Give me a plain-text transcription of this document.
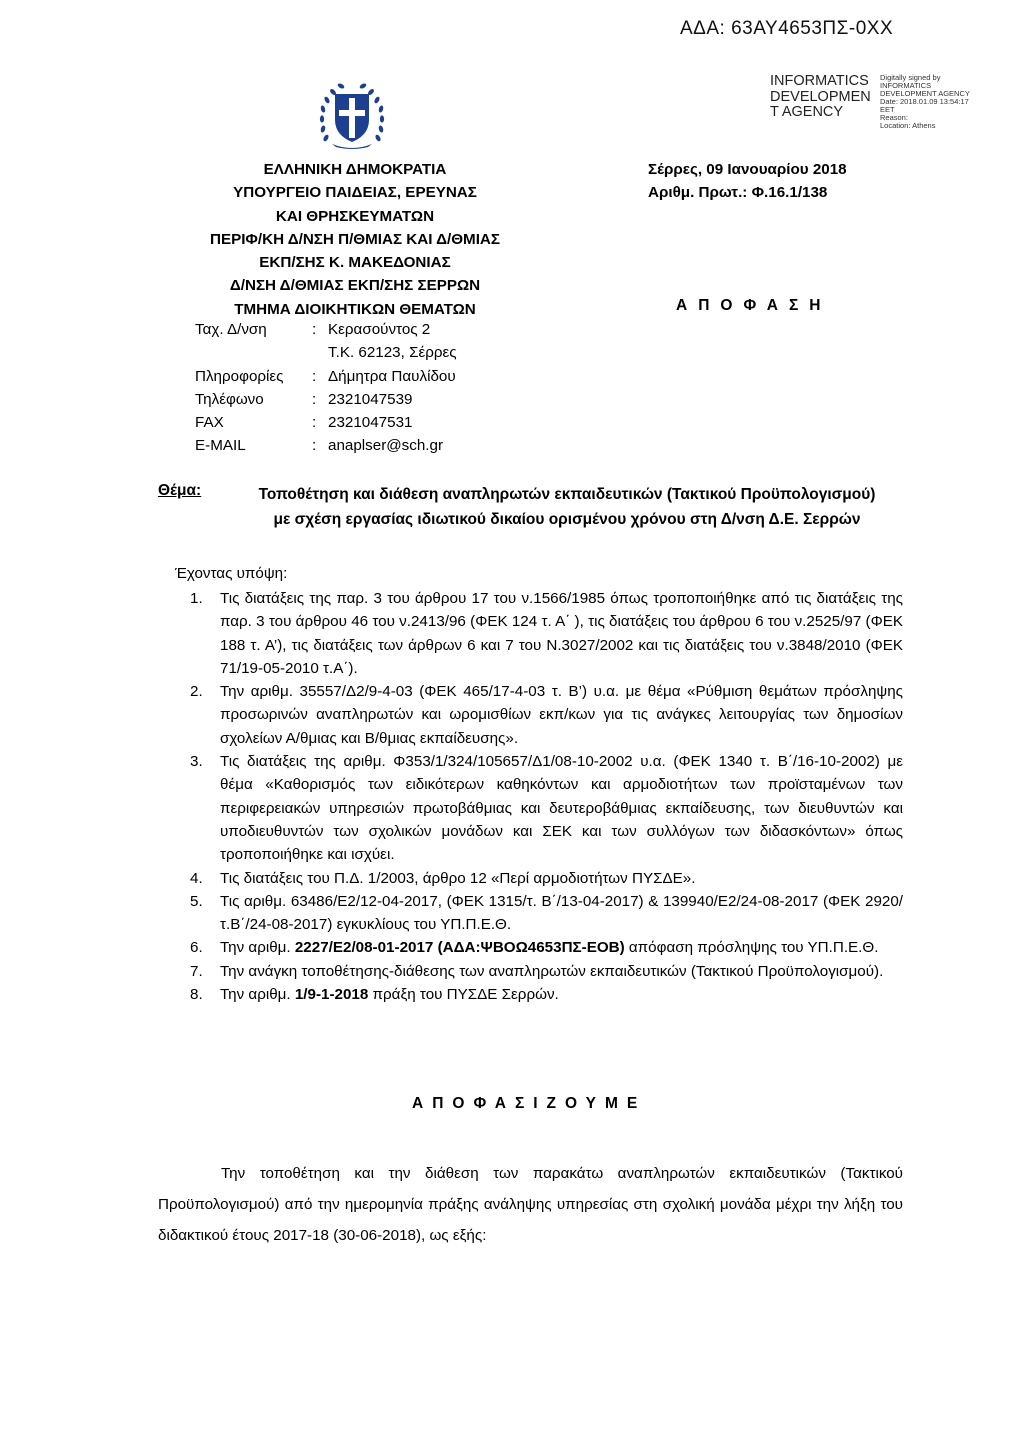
ΑΔΑ: 63ΑΥ4653ΠΣ-0ΧΧ
INFORMATICS
DEVELOPMEN
T AGENCY
Digitally signed by
INFORMATICS
DEVELOPMENT AGENCY
Date: 2018.01.09 13:54:17
EET
Reason:
Location: Athens
ΕΛΛΗΝΙΚΗ ΔΗΜΟΚΡΑΤΙΑ
ΥΠΟΥΡΓΕΙΟ ΠΑΙΔΕΙΑΣ, ΕΡΕΥΝΑΣ
ΚΑΙ ΘΡΗΣΚΕΥΜΑΤΩΝ
ΠΕΡΙΦ/ΚΗ Δ/ΝΣΗ Π/ΘΜΙΑΣ ΚΑΙ Δ/ΘΜΙΑΣ
ΕΚΠ/ΣΗΣ Κ. ΜΑΚΕΔΟΝΙΑΣ
Δ/ΝΣΗ Δ/ΘΜΙΑΣ ΕΚΠ/ΣΗΣ ΣΕΡΡΩΝ
ΤΜΗΜΑ ΔΙΟΙΚΗΤΙΚΩΝ ΘΕΜΑΤΩΝ
Σέρρες, 09 Ιανουαρίου 2018
Αριθμ. Πρωτ.: Φ.16.1/138
ΑΠΟΦΑΣΗ
Ταχ. Δ/νση	: Κερασούντος 2
Τ.Κ. 62123, Σέρρες
Πληροφορίες : Δήμητρα Παυλίδου
Τηλέφωνο	: 2321047539
FAX	: 2321047531
E-MAIL	: anaplser@sch.gr
Θέμα:	Τοποθέτηση και διάθεση αναπληρωτών εκπαιδευτικών (Τακτικού Προϋπολογισμού)
με σχέση εργασίας ιδιωτικού δικαίου ορισμένου χρόνου στη Δ/νση Δ.Ε. Σερρών
Έχοντας υπόψη:
1. Τις διατάξεις της παρ. 3 του άρθρου 17 του ν.1566/1985 όπως τροποποιήθηκε από τις διατάξεις της παρ. 3 του άρθρου 46 του ν.2413/96 (ΦΕΚ 124 τ. Α΄ ), τις διατάξεις του άρθρου 6 του ν.2525/97 (ΦΕΚ 188 τ. Α’), τις διατάξεις των άρθρων 6 και 7 του Ν.3027/2002 και τις διατάξεις του ν.3848/2010 (ΦΕΚ 71/19-05-2010 τ.Α΄).
2. Την αριθμ. 35557/Δ2/9-4-03 (ΦΕΚ 465/17-4-03 τ. Β’) υ.α. με θέμα «Ρύθμιση θεμάτων πρόσληψης προσωρινών αναπληρωτών και ωρομισθίων εκπ/κων για τις ανάγκες λειτουργίας των δημοσίων σχολείων Α/θμιας και Β/θμιας εκπαίδευσης».
3. Τις διατάξεις της αριθμ. Φ353/1/324/105657/Δ1/08-10-2002 υ.α. (ΦΕΚ 1340 τ. Β΄/16-10-2002) με θέμα «Καθορισμός των ειδικότερων καθηκόντων και αρμοδιοτήτων των προϊσταμένων των περιφερειακών υπηρεσιών πρωτοβάθμιας και δευτεροβάθμιας εκπαίδευσης, των διευθυντών και υποδιευθυντών των σχολικών μονάδων και ΣΕΚ και των συλλόγων των διδασκόντων» όπως τροποποιήθηκε και ισχύει.
4. Τις διατάξεις του Π.Δ. 1/2003, άρθρο 12 «Περί αρμοδιοτήτων ΠΥΣΔΕ».
5. Τις αριθμ. 63486/Ε2/12-04-2017, (ΦΕΚ 1315/τ. Β΄/13-04-2017) & 139940/Ε2/24-08-2017 (ΦΕΚ 2920/τ.Β΄/24-08-2017) εγκυκλίους του ΥΠ.Π.Ε.Θ.
6. Την αριθμ. 2227/Ε2/08-01-2017 (ΑΔΑ:ΨΒΟΩ4653ΠΣ-ΕΟΒ) απόφαση πρόσληψης του ΥΠ.Π.Ε.Θ.
7. Την ανάγκη τοποθέτησης-διάθεσης των αναπληρωτών εκπαιδευτικών (Τακτικού Προϋπολογισμού).
8. Την αριθμ. 1/9-1-2018 πράξη του ΠΥΣΔΕ Σερρών.
ΑΠΟΦΑΣΙΖΟΥΜΕ

Την τοποθέτηση και την διάθεση των παρακάτω αναπληρωτών εκπαιδευτικών (Τακτικού Προϋπολογισμού) από την ημερομηνία πράξης ανάληψης υπηρεσίας στη σχολική μονάδα μέχρι την λήξη του διδακτικού έτους 2017-18 (30-06-2018), ως εξής:
